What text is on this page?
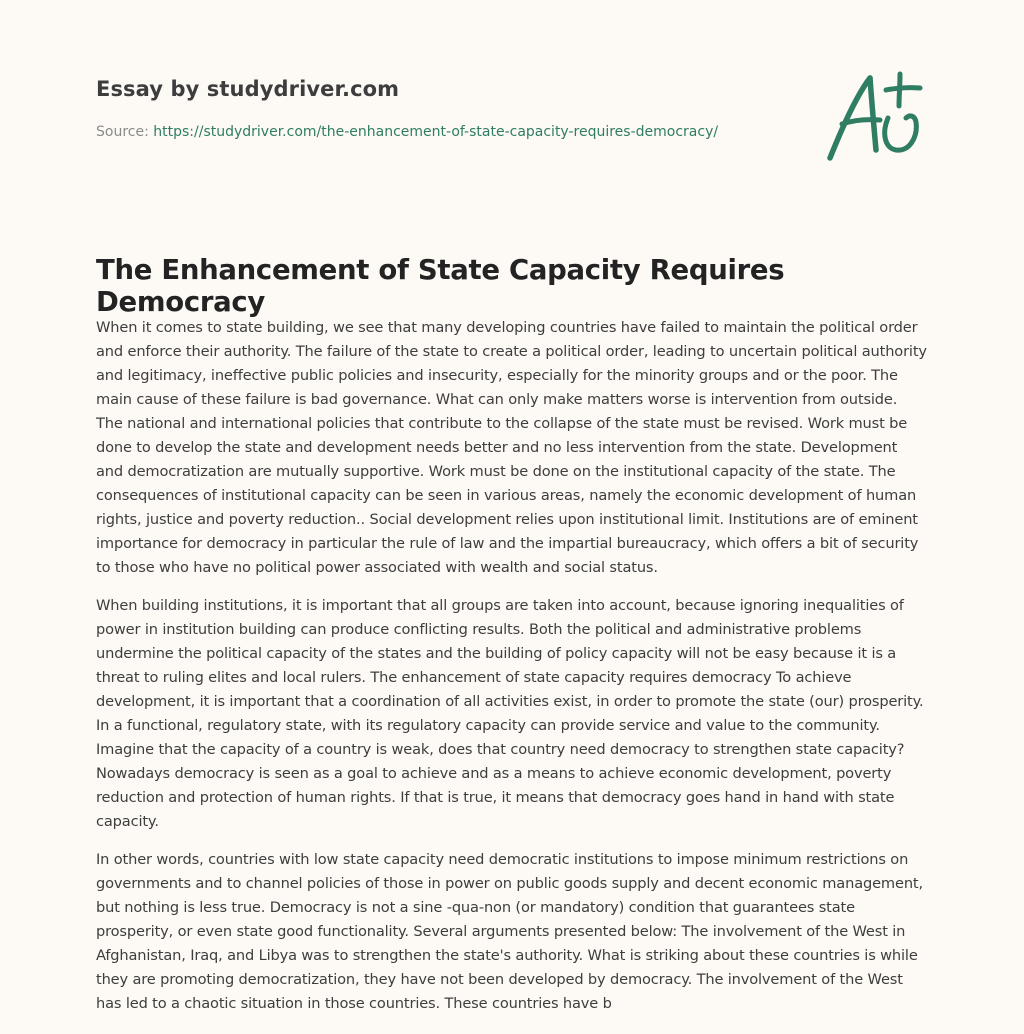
Essay by studydriver.com
Source: https://studydriver.com/the-enhancement-of-state-capacity-requires-democracy/
The Enhancement of State Capacity Requires Democracy

When it comes to state building, we see that many developing countries have failed to maintain the political order and enforce their authority. The failure of the state to create a political order, leading to uncertain political authority and legitimacy, ineffective public policies and insecurity, especially for the minority groups and or the poor. The main cause of these failure is bad governance. What can only make matters worse is intervention from outside. The national and international policies that contribute to the collapse of the state must be revised. Work must be done to develop the state and development needs better and no less intervention from the state. Development and democratization are mutually supportive. Work must be done on the institutional capacity of the state. The consequences of institutional capacity can be seen in various areas, namely the economic development of human rights, justice and poverty reduction.. Social development relies upon institutional limit. Institutions are of eminent importance for democracy in particular the rule of law and the impartial bureaucracy, which offers a bit of security to those who have no political power associated with wealth and social status.

When building institutions, it is important that all groups are taken into account, because ignoring inequalities of power in institution building can produce conflicting results. Both the political and administrative problems undermine the political capacity of the states and the building of policy capacity will not be easy because it is a threat to ruling elites and local rulers. The enhancement of state capacity requires democracy To achieve development, it is important that a coordination of all activities exist, in order to promote the state (our) prosperity. In a functional, regulatory state, with its regulatory capacity can provide service and value to the community. Imagine that the capacity of a country is weak, does that country need democracy to strengthen state capacity? Nowadays democracy is seen as a goal to achieve and as a means to achieve economic development, poverty reduction and protection of human rights. If that is true, it means that democracy goes hand in hand with state capacity.

In other words, countries with low state capacity need democratic institutions to impose minimum restrictions on governments and to channel policies of those in power on public goods supply and decent economic management, but nothing is less true. Democracy is not a sine -qua-non (or mandatory) condition that guarantees state prosperity, or even state good functionality. Several arguments presented below: The involvement of the West in Afghanistan, Iraq, and Libya was to strengthen the state's authority. What is striking about these countries is while they are promoting democratization, they have not been developed by democracy. The involvement of the West has led to a chaotic situation in those countries. These countries have b
